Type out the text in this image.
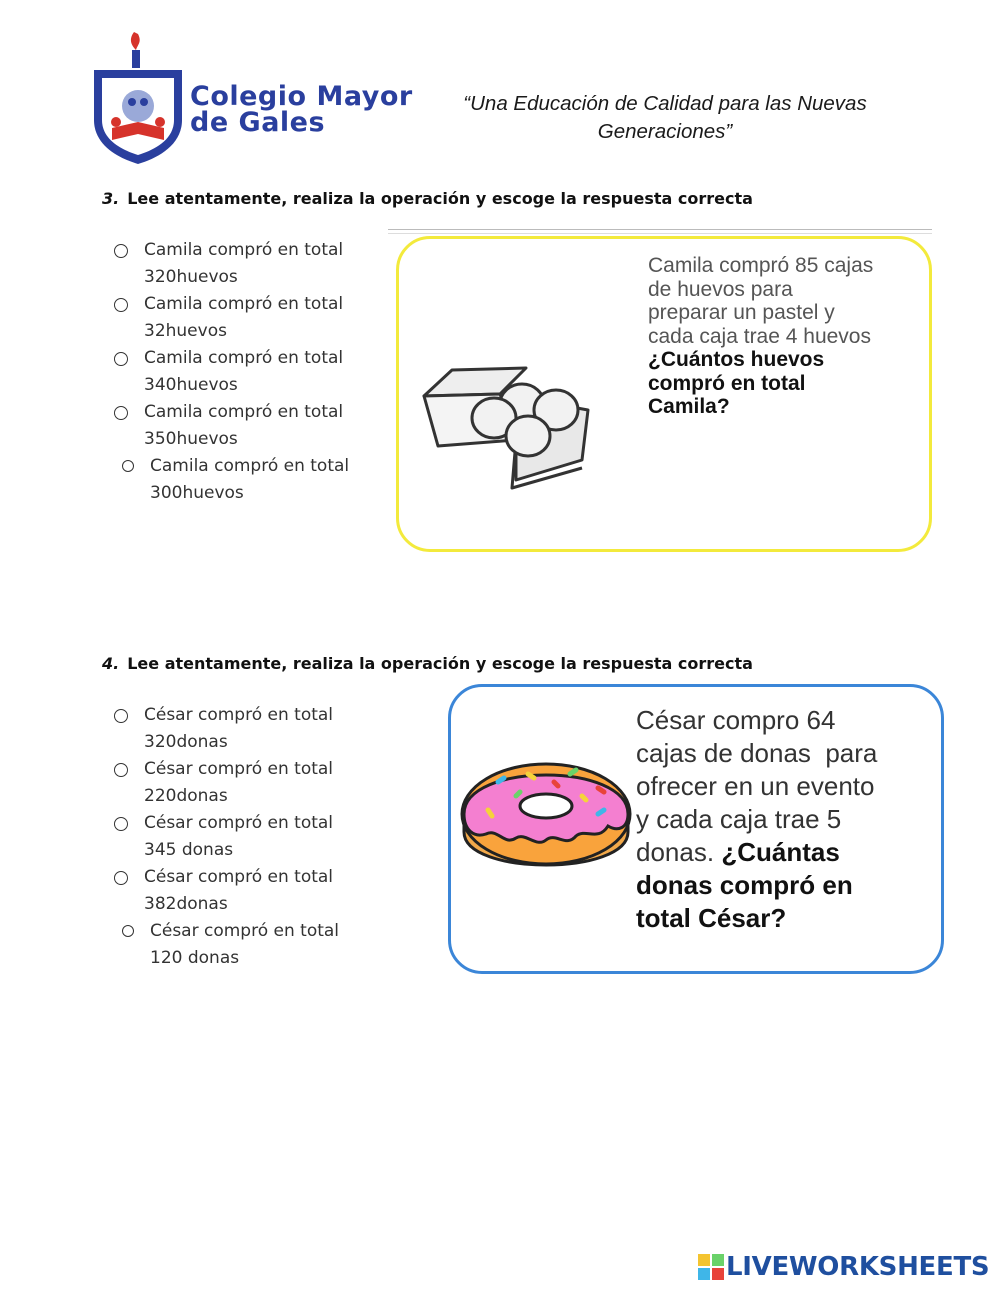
Colegio Mayor
de Gales
“Una Educación de Calidad para las Nuevas
Generaciones”
3. Lee atentamente, realiza la operación y escoge la respuesta correcta
Camila compró en total
320huevos
Camila compró en total
32huevos
Camila compró en total
340huevos
Camila compró en total
350huevos
Camila compró en total
300huevos
Camila compró 85 cajas
de huevos para
preparar un pastel y
cada caja trae 4 huevos
¿Cuántos huevos
compró en total
Camila?
4. Lee atentamente, realiza la operación y escoge la respuesta correcta
César compró en total
320donas
César compró en total
220donas
César compró en total
345 donas
César compró en total
382donas
César compró en total
120 donas
César compro 64
cajas de donas  para
ofrecer en un evento
y cada caja trae 5
donas. ¿Cuántas
donas compró en
total César?
LIVEWORKSHEETS
